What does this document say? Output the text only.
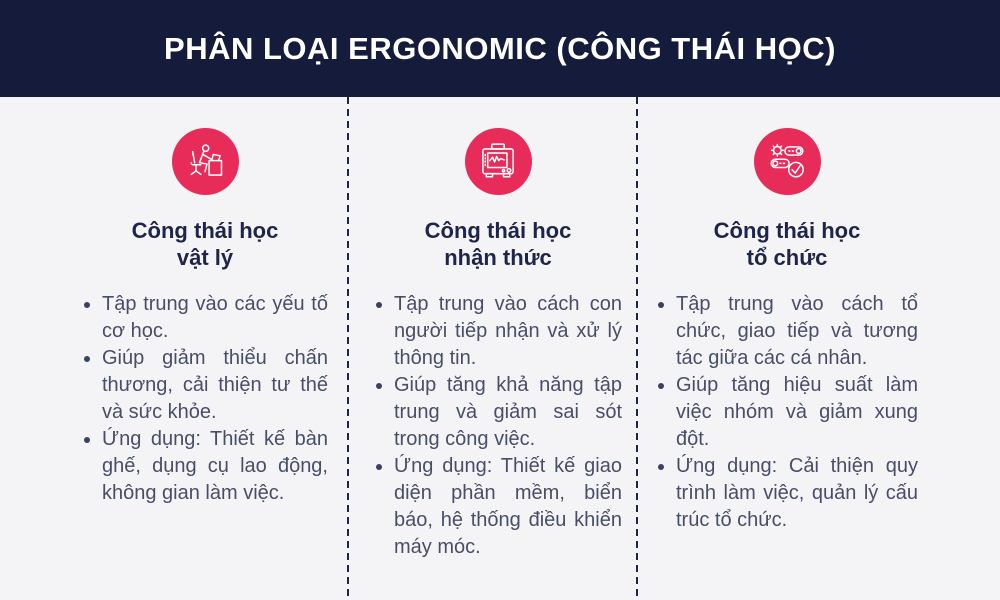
PHÂN LOẠI ERGONOMIC (CÔNG THÁI HỌC)
Công thái học
vật lý
Tập trung vào các yếu tố cơ học.
Giúp giảm thiểu chấn thương, cải thiện tư thế và sức khỏe.
Ứng dụng: Thiết kế bàn ghế, dụng cụ lao động, không gian làm việc.
Công thái học
nhận thức
Tập trung vào cách con người tiếp nhận và xử lý thông tin.
Giúp tăng khả năng tập trung và giảm sai sót trong công việc.
Ứng dụng: Thiết kế giao diện phần mềm, biển báo, hệ thống điều khiển máy móc.
Công thái học
tổ chức
Tập trung vào cách tổ chức, giao tiếp và tương tác giữa các cá nhân.
Giúp tăng hiệu suất làm việc nhóm và giảm xung đột.
Ứng dụng: Cải thiện quy trình làm việc, quản lý cấu trúc tổ chức.
